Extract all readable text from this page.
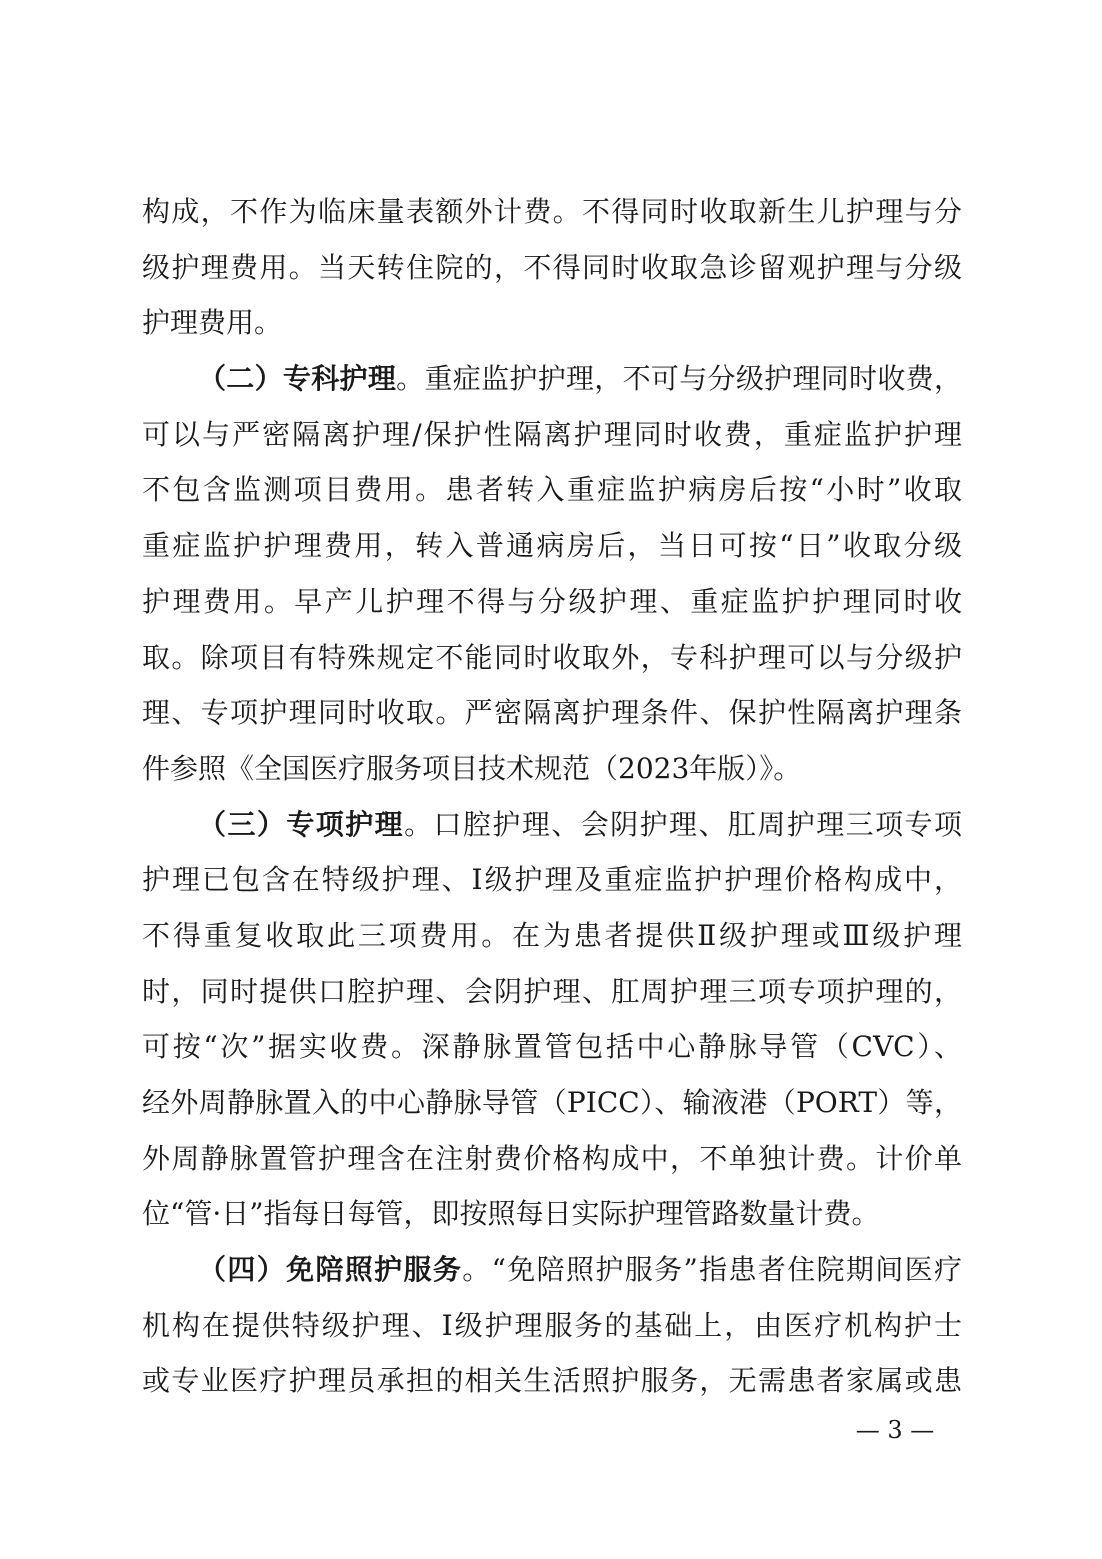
构成，不作为临床量表额外计费。不得同时收取新生儿护理与分
级护理费用。当天转住院的，不得同时收取急诊留观护理与分级
护理费用。
（二）专科护理。重症监护护理，不可与分级护理同时收费，
可以与严密隔离护理/保护性隔离护理同时收费，重症监护护理
不包含监测项目费用。患者转入重症监护病房后按“小时”收取
重症监护护理费用，转入普通病房后，当日可按“日”收取分级
护理费用。早产儿护理不得与分级护理、重症监护护理同时收
取。除项目有特殊规定不能同时收取外，专科护理可以与分级护
理、专项护理同时收取。严密隔离护理条件、保护性隔离护理条
件参照《全国医疗服务项目技术规范（2023年版）》。
（三）专项护理。口腔护理、会阴护理、肛周护理三项专项
护理已包含在特级护理、Ⅰ级护理及重症监护护理价格构成中，
不得重复收取此三项费用。在为患者提供Ⅱ级护理或Ⅲ级护理
时，同时提供口腔护理、会阴护理、肛周护理三项专项护理的，
可按“次”据实收费。深静脉置管包括中心静脉导管（CVC）、
经外周静脉置入的中心静脉导管（PICC）、输液港（PORT）等，
外周静脉置管护理含在注射费价格构成中，不单独计费。计价单
位“管·日”指每日每管，即按照每日实际护理管路数量计费。
（四）免陪照护服务。“免陪照护服务”指患者住院期间医疗
机构在提供特级护理、Ⅰ级护理服务的基础上，由医疗机构护士
或专业医疗护理员承担的相关生活照护服务，无需患者家属或患
— 3 —
